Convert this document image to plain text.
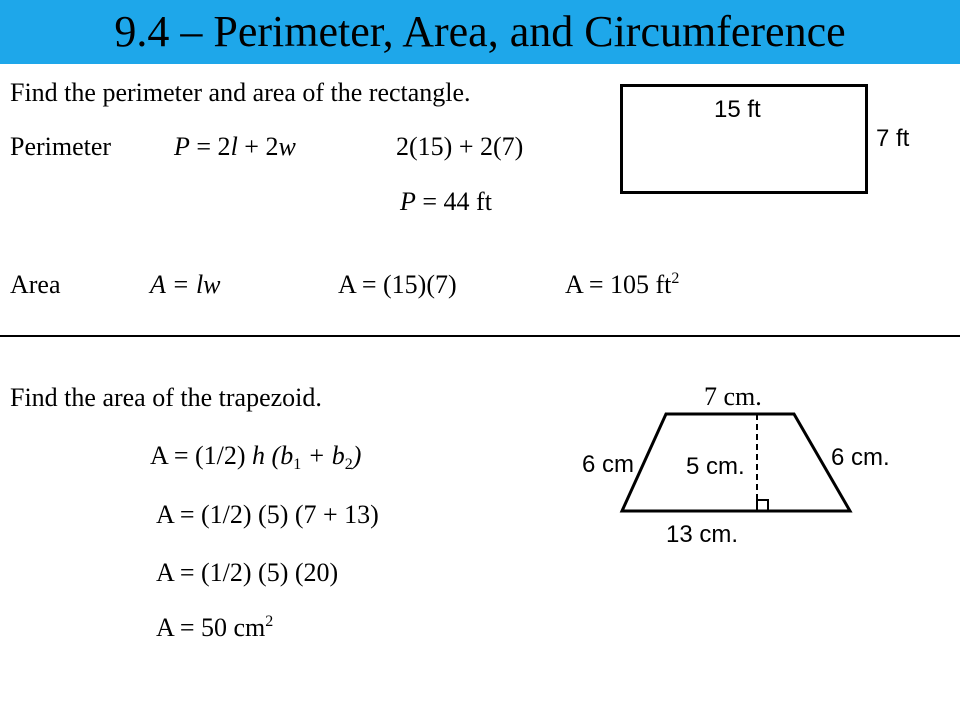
9.4 – Perimeter, Area, and Circumference
Find the perimeter and area of the rectangle.
Perimeter P = 2l + 2w	2(15) + 2(7)
P = 44 ft
15 ft
7 ft
Area	A = lw	A = (15)(7)	A = 105 $ft^2$
Find the area of the trapezoid.
A = (1/2) h $(b_1 + b_2)$
A = (1/2) (5) (7 + 13)
A = (1/2) (5) (20)
A = 50 $cm^2$
7 cm.
6 cm	6 cm.
5 cm.
13 cm.
